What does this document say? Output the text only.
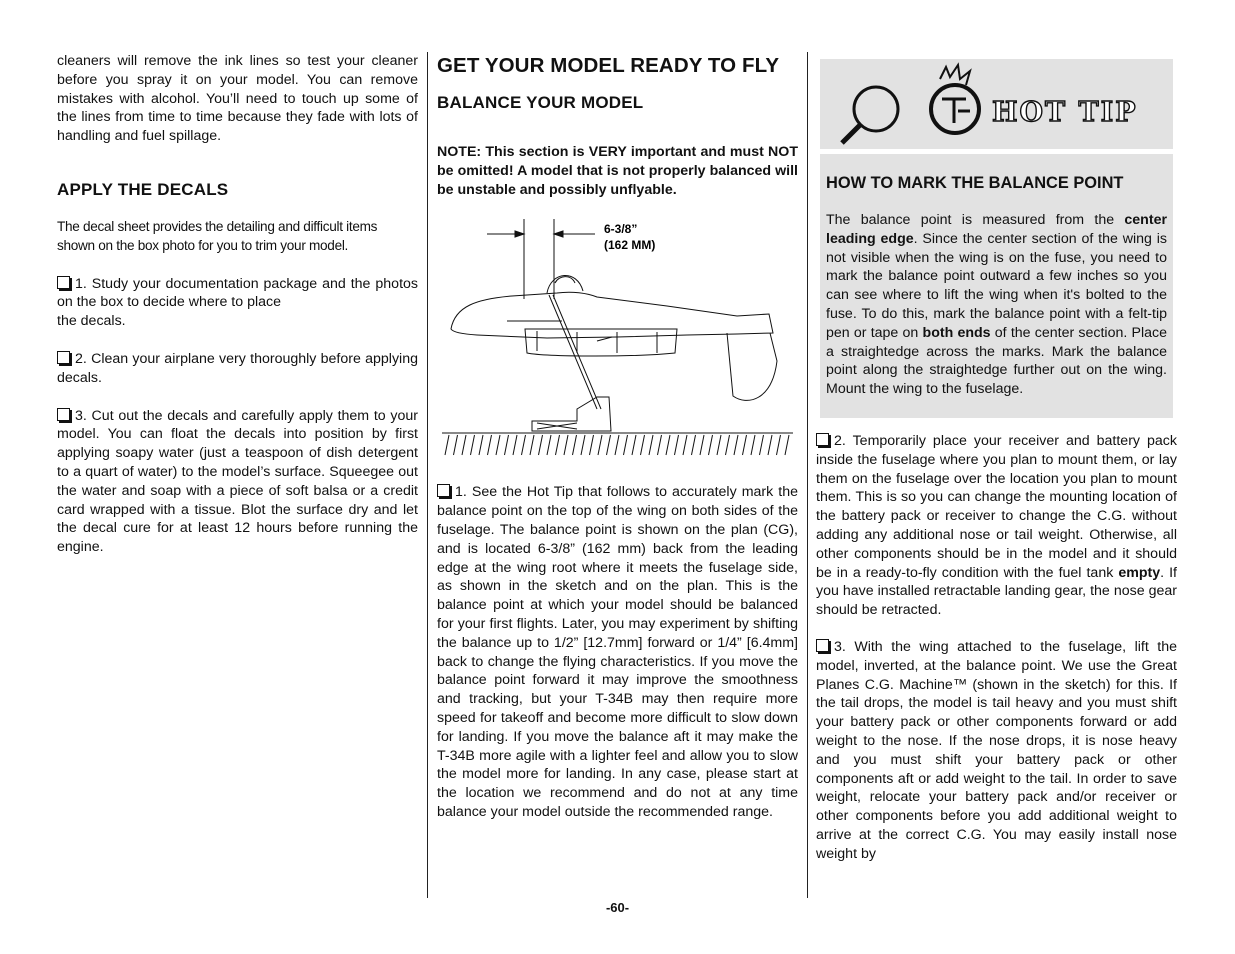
cleaners will remove the ink lines so test your cleaner before you spray it on your model. You can remove mistakes with alcohol. You’ll need to touch up some of the lines from time to time because they fade with lots of handling and fuel spillage.

APPLY THE DECALS

The decal sheet provides the detailing and difficult items shown on the box photo for you to trim your model.

1. Study your documentation package and the photos on the box to decide where to place
the decals.

2. Clean your airplane very thoroughly before applying decals.

3. Cut out the decals and carefully apply them to your model. You can float the decals into position by first applying soapy water (just a teaspoon of dish detergent to a quart of water) to the model’s surface. Squeegee out the water and soap with a piece of soft balsa or a credit card wrapped with a tissue. Blot the surface dry and let the decal cure for at least 12 hours before running the engine.

GET YOUR MODEL READY TO FLY
BALANCE YOUR MODEL

NOTE: This section is VERY important and must NOT be omitted! A model that is not properly balanced will be unstable and possibly unflyable.

6-3/8”
(162 MM)

1. See the Hot Tip that follows to accurately mark the balance point on the top of the wing on both sides of the fuselage. The balance point is shown on the plan (CG), and is located 6-3/8” (162 mm) back from the leading edge at the wing root where it meets the fuselage side, as shown in the sketch and on the plan. This is the balance point at which your model should be balanced for your first flights. Later, you may experiment by shifting the balance up to 1/2” [12.7mm] forward or 1/4” [6.4mm] back to change the flying characteristics. If you move the balance point forward it may improve the smoothness and tracking, but your T-34B may then require more speed for takeoff and become more difficult to slow down for landing. If you move the balance aft it may make the T-34B more agile with a lighter feel and allow you to slow the model more for landing. In any case, please start at the location we recommend and do not at any time balance your model outside the recommended range.

HOT TIP
HOW TO MARK THE BALANCE POINT

The balance point is measured from the center leading edge. Since the center section of the wing is not visible when the wing is on the fuse, you need to mark the balance point outward a few inches so you can see where to lift the wing when it's bolted to the fuse. To do this, mark the balance point with a felt-tip pen or tape on both ends of the center section. Place a straightedge across the marks. Mark the balance point along the straightedge further out on the wing. Mount the wing to the fuselage.

2. Temporarily place your receiver and battery pack inside the fuselage where you plan to mount them, or lay them on the fuselage over the location you plan to mount them. This is so you can change the mounting location of the battery pack or receiver to change the C.G. without adding any additional nose or tail weight. Otherwise, all other components should be in the model and it should be in a ready-to-fly condition with the fuel tank empty. If you have installed retractable landing gear, the nose gear should be retracted.

3. With the wing attached to the fuselage, lift the model, inverted, at the balance point. We use the Great Planes C.G. Machine™ (shown in the sketch) for this. If the tail drops, the model is tail heavy and you must shift your battery pack or other components forward or add weight to the nose. If the nose drops, it is nose heavy and you must shift your battery pack or other components aft or add weight to the tail. In order to save weight, relocate your battery pack and/or receiver or other components before you add additional weight to arrive at the correct C.G. You may easily install nose weight by

-60-
